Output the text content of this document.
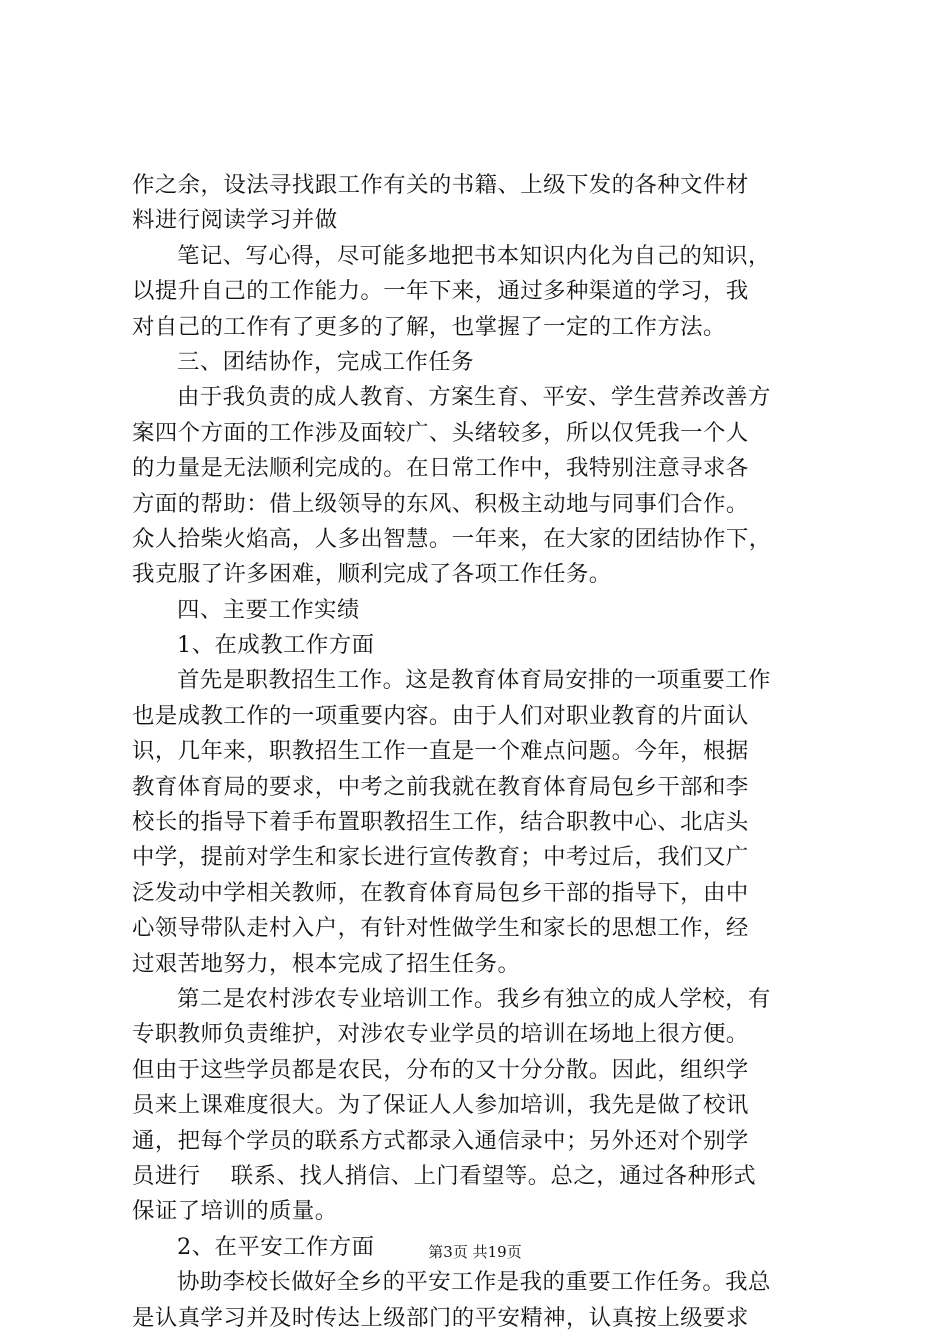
作之余，设法寻找跟工作有关的书籍、上级下发的各种文件材
料进行阅读学习并做
笔记、写心得，尽可能多地把书本知识内化为自己的知识，
以提升自己的工作能力。一年下来，通过多种渠道的学习，我
对自己的工作有了更多的了解，也掌握了一定的工作方法。
三、团结协作，完成工作任务
由于我负责的成人教育、方案生育、平安、学生营养改善方
案四个方面的工作涉及面较广、头绪较多，所以仅凭我一个人
的力量是无法顺利完成的。在日常工作中，我特别注意寻求各
方面的帮助：借上级领导的东风、积极主动地与同事们合作。
众人拾柴火焰高，人多出智慧。一年来，在大家的团结协作下，
我克服了许多困难，顺利完成了各项工作任务。
四、主要工作实绩
1、在成教工作方面
首先是职教招生工作。这是教育体育局安排的一项重要工作
也是成教工作的一项重要内容。由于人们对职业教育的片面认
识，几年来，职教招生工作一直是一个难点问题。今年，根据
教育体育局的要求，中考之前我就在教育体育局包乡干部和李
校长的指导下着手布置职教招生工作，结合职教中心、北店头
中学，提前对学生和家长进行宣传教育；中考过后，我们又广
泛发动中学相关教师，在教育体育局包乡干部的指导下，由中
心领导带队走村入户，有针对性做学生和家长的思想工作，经
过艰苦地努力，根本完成了招生任务。
第二是农村涉农专业培训工作。我乡有独立的成人学校，有
专职教师负责维护，对涉农专业学员的培训在场地上很方便。
但由于这些学员都是农民，分布的又十分分散。因此，组织学
员来上课难度很大。为了保证人人参加培训，我先是做了校讯
通，把每个学员的联系方式都录入通信录中；另外还对个别学
员进行    联系、找人捎信、上门看望等。总之，通过各种形式
保证了培训的质量。
2、在平安工作方面
协助李校长做好全乡的平安工作是我的重要工作任务。我总
是认真学习并及时传达上级部门的平安精神，认真按上级要求
第3页 共19页
